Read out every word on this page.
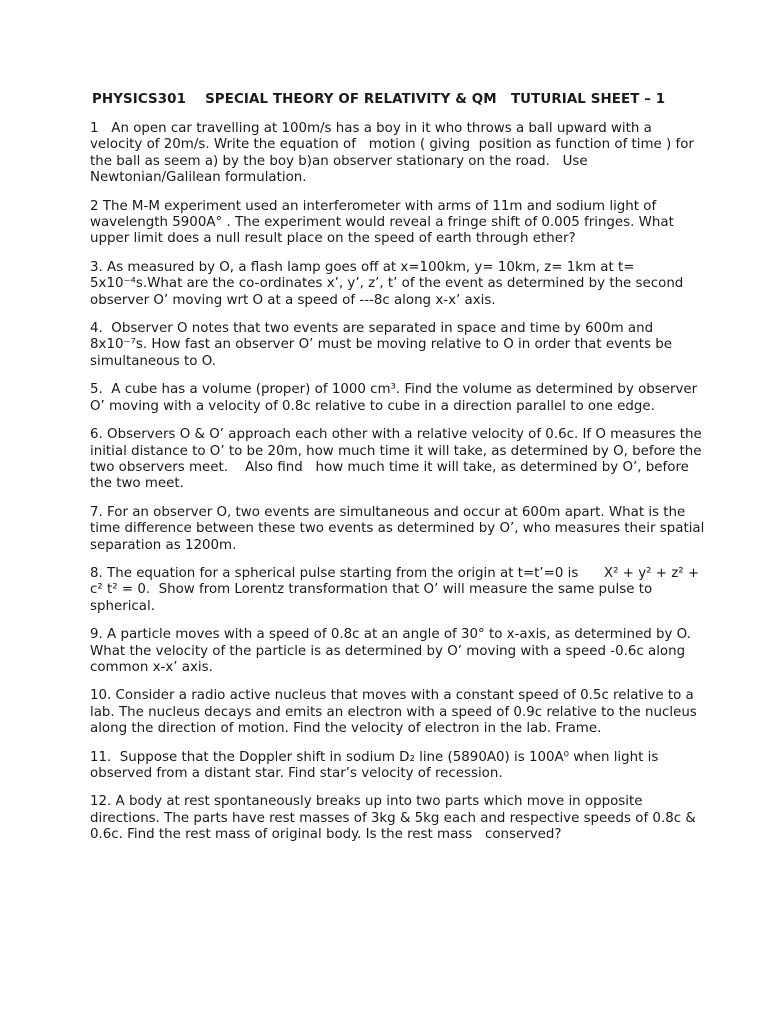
PHYSICS301    SPECIAL THEORY OF RELATIVITY & QM   TUTURIAL SHEET – 1
1   An open car travelling at 100m/s has a boy in it who throws a ball upward with a velocity of 20m/s. Write the equation of   motion ( giving  position as function of time ) for the ball as seem a) by the boy b)an observer stationary on the road.   Use Newtonian/Galilean formulation.
2 The M-M experiment used an interferometer with arms of 11m and sodium light of wavelength 5900A° . The experiment would reveal a fringe shift of 0.005 fringes. What upper limit does a null result place on the speed of earth through ether?
3. As measured by O, a flash lamp goes off at x=100km, y= 10km, z= 1km at t= 5x10⁻⁴s.What are the co-ordinates x’, y’, z’, t’ of the event as determined by the second observer O’ moving wrt O at a speed of ---8c along x-x’ axis.
4.  Observer O notes that two events are separated in space and time by 600m and 8x10⁻⁷s. How fast an observer O’ must be moving relative to O in order that events be simultaneous to O.
5.  A cube has a volume (proper) of 1000 cm³. Find the volume as determined by observer O’ moving with a velocity of 0.8c relative to cube in a direction parallel to one edge.
6. Observers O & O’ approach each other with a relative velocity of 0.6c. If O measures the initial distance to O’ to be 20m, how much time it will take, as determined by O, before the two observers meet.    Also find   how much time it will take, as determined by O’, before the two meet.
7. For an observer O, two events are simultaneous and occur at 600m apart. What is the time difference between these two events as determined by O’, who measures their spatial separation as 1200m.
8. The equation for a spherical pulse starting from the origin at t=t’=0 is      X² + y² + z² + c² t² = 0.  Show from Lorentz transformation that O’ will measure the same pulse to spherical.
9. A particle moves with a speed of 0.8c at an angle of 30° to x-axis, as determined by O. What the velocity of the particle is as determined by O’ moving with a speed -0.6c along common x-x’ axis.
10. Consider a radio active nucleus that moves with a constant speed of 0.5c relative to a lab. The nucleus decays and emits an electron with a speed of 0.9c relative to the nucleus along the direction of motion. Find the velocity of electron in the lab. Frame.
11.  Suppose that the Doppler shift in sodium D₂ line (5890A0) is 100A⁰ when light is observed from a distant star. Find star’s velocity of recession.
12. A body at rest spontaneously breaks up into two parts which move in opposite directions. The parts have rest masses of 3kg & 5kg each and respective speeds of 0.8c & 0.6c. Find the rest mass of original body. Is the rest mass   conserved?
